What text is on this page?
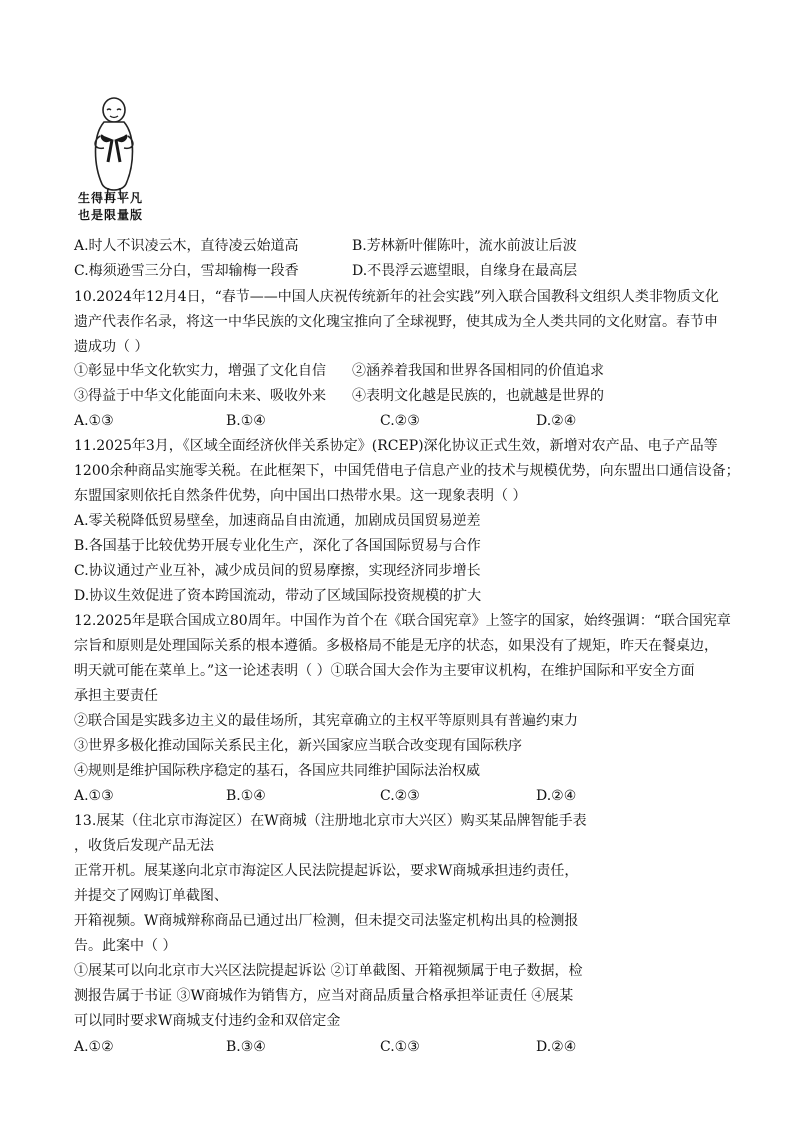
生得再平凡
也是限量版
A.时人不识凌云木，直待凌云始道高	B.芳林新叶催陈叶，流水前波让后波
C.梅须逊雪三分白，雪却输梅一段香	D.不畏浮云遮望眼，自缘身在最高层
10.2024年12月4日，“春节——中国人庆祝传统新年的社会实践”列入联合国教科文组织人类非物质文化
遗产代表作名录，将这一中华民族的文化瑰宝推向了全球视野，使其成为全人类共同的文化财富。春节申
遗成功（ ）
①彰显中华文化软实力，增强了文化自信 ②涵养着我国和世界各国相同的价值追求
③得益于中华文化能面向未来、吸收外来 ④表明文化越是民族的，也就越是世界的
A.①③	B.①④	C.②③	D.②④
11.2025年3月，《区域全面经济伙伴关系协定》(RCEP)深化协议正式生效，新增对农产品、电子产品等
1200余种商品实施零关税。在此框架下，中国凭借电子信息产业的技术与规模优势，向东盟出口通信设备；
东盟国家则依托自然条件优势，向中国出口热带水果。这一现象表明（ ）
A.零关税降低贸易壁垒，加速商品自由流通，加剧成员国贸易逆差
B.各国基于比较优势开展专业化生产，深化了各国国际贸易与合作
C.协议通过产业互补，减少成员间的贸易摩擦，实现经济同步增长
D.协议生效促进了资本跨国流动，带动了区域国际投资规模的扩大
12.2025年是联合国成立80周年。中国作为首个在《联合国宪章》上签字的国家，始终强调：“联合国宪章
宗旨和原则是处理国际关系的根本遵循。多极格局不能是无序的状态，如果没有了规矩，昨天在餐桌边，
明天就可能在菜单上。”这一论述表明（ ）①联合国大会作为主要审议机构，在维护国际和平安全方面
承担主要责任
②联合国是实践多边主义的最佳场所，其宪章确立的主权平等原则具有普遍约束力
③世界多极化推动国际关系民主化，新兴国家应当联合改变现有国际秩序
④规则是维护国际秩序稳定的基石，各国应共同维护国际法治权威
A.①③	B.①④	C.②③	D.②④
13.展某（住北京市海淀区）在W商城（注册地北京市大兴区）购买某品牌智能手表
，收货后发现产品无法
正常开机。展某遂向北京市海淀区人民法院提起诉讼，要求W商城承担违约责任，
并提交了网购订单截图、
开箱视频。W商城辩称商品已通过出厂检测，但未提交司法鉴定机构出具的检测报
告。此案中（ ）
①展某可以向北京市大兴区法院提起诉讼 ②订单截图、开箱视频属于电子数据，检
测报告属于书证 ③W商城作为销售方，应当对商品质量合格承担举证责任 ④展某
可以同时要求W商城支付违约金和双倍定金
A.①②	B.③④	C.①③	D.②④
